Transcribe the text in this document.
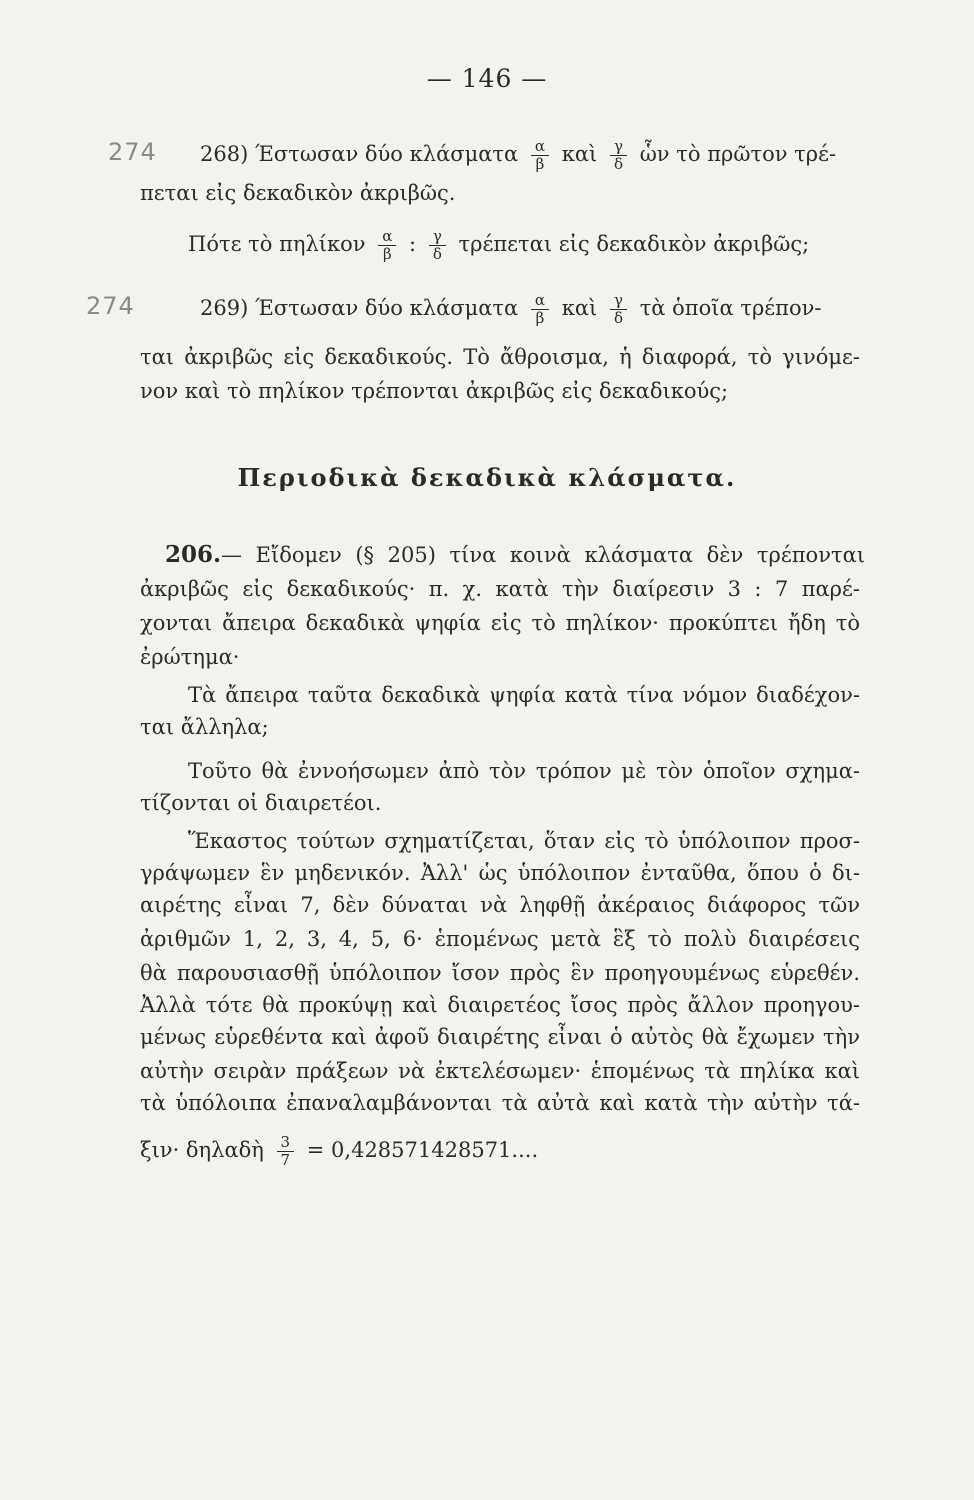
— 146 —
274 268) Έστωσαν δύο κλάσματα $\frac{\alpha}{\beta}$ καὶ $\frac{\gamma}{\delta}$ ὧν τὸ πρῶτον τρέ-
πεται εἰς δεκαδικὸν ἀκριβῶς.
Πότε τὸ πηλίκον $\frac{\alpha}{\beta}$ : $\frac{\gamma}{\delta}$ τρέπεται εἰς δεκαδικὸν ἀκριβῶς;
274	269) Έστωσαν δύο κλάσματα $\frac{\alpha}{\beta}$ καὶ $\frac{\gamma}{\delta}$ τὰ ὁποῖα τρέπον-
ται ἀκριβῶς εἰς δεκαδικούς. Τὸ ἄθροισμα, ἡ διαφορά, τὸ γινόμε-
νον καὶ τὸ πηλίκον τρέπονται ἀκριβῶς εἰς δεκαδικούς;
Περιοδικὰ δεκαδικὰ κλάσματα.
206.— Εἴδομεν (§ 205) τίνα κοινὰ κλάσματα δὲν τρέπονται
ἀκριβῶς εἰς δεκαδικούς· π. χ. κατὰ τὴν διαίρεσιν 3 : 7 παρέ-
χονται ἄπειρα δεκαδικὰ ψηφία εἰς τὸ πηλίκον· προκύπτει ἤδη τὸ
ἐρώτημα·
Τὰ ἄπειρα ταῦτα δεκαδικὰ ψηφία κατὰ τίνα νόμον διαδέχον-
ται ἄλληλα;
Τοῦτο θὰ ἐννοήσωμεν ἀπὸ τὸν τρόπον μὲ τὸν ὁποῖον σχημα-
τίζονται οἱ διαιρετέοι.
Ἕκαστος τούτων σχηματίζεται, ὅταν εἰς τὸ ὑπόλοιπον προσ-
γράψωμεν ἓν μηδενικόν. Ἀλλ' ὡς ὑπόλοιπον ἐνταῦθα, ὅπου ὁ δι-
αιρέτης εἶναι 7, δὲν δύναται νὰ ληφθῇ ἀκέραιος διάφορος τῶν
ἀριθμῶν 1, 2, 3, 4, 5, 6· ἑπομένως μετὰ ἓξ τὸ πολὺ διαιρέσεις
θὰ παρουσιασθῇ ὑπόλοιπον ἴσον πρὸς ἓν προηγουμένως εὑρεθέν.
Ἀλλὰ τότε θὰ προκύψῃ καὶ διαιρετέος ἴσος πρὸς ἄλλον προηγου-
μένως εὑρεθέντα καὶ ἀφοῦ διαιρέτης εἶναι ὁ αὐτὸς θὰ ἔχωμεν τὴν
αὐτὴν σειρὰν πράξεων νὰ ἐκτελέσωμεν· ἑπομένως τὰ πηλίκα καὶ
τὰ ὑπόλοιπα ἐπαναλαμβάνονται τὰ αὐτὰ καὶ κατὰ τὴν αὐτὴν τά-
ξιν· δηλαδὴ $\frac{3}{7} = 0,428571428571$....
